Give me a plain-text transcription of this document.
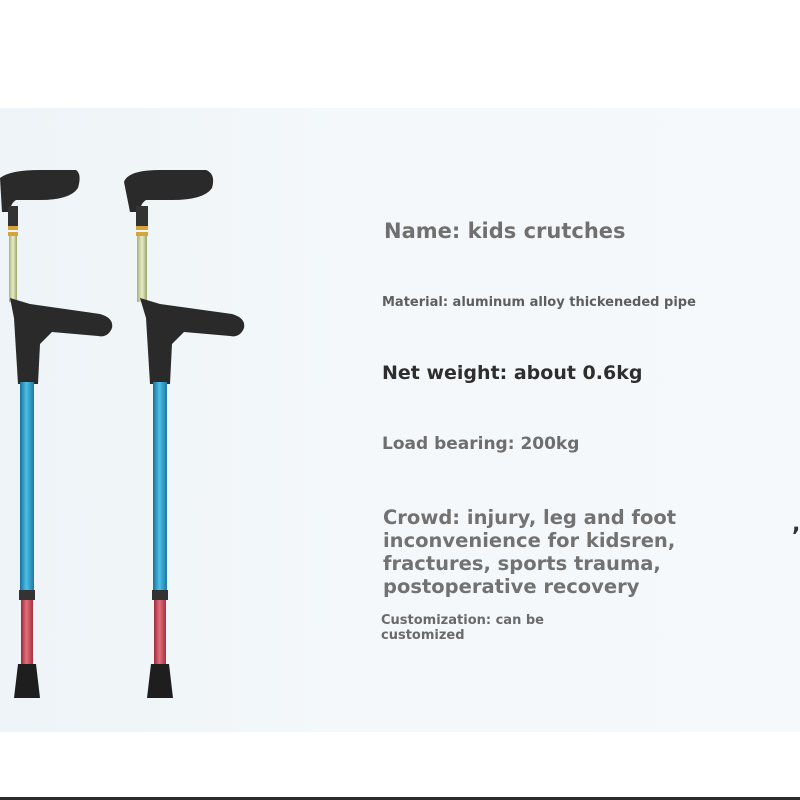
Name: kids crutches

Material: aluminum alloy thickeneded pipe

Net weight: about 0.6kg

Load bearing: 200kg

Crowd: injury, leg and foot inconvenience for kidsren, fractures, sports trauma, postoperative recovery

Customization: can be customized

,
